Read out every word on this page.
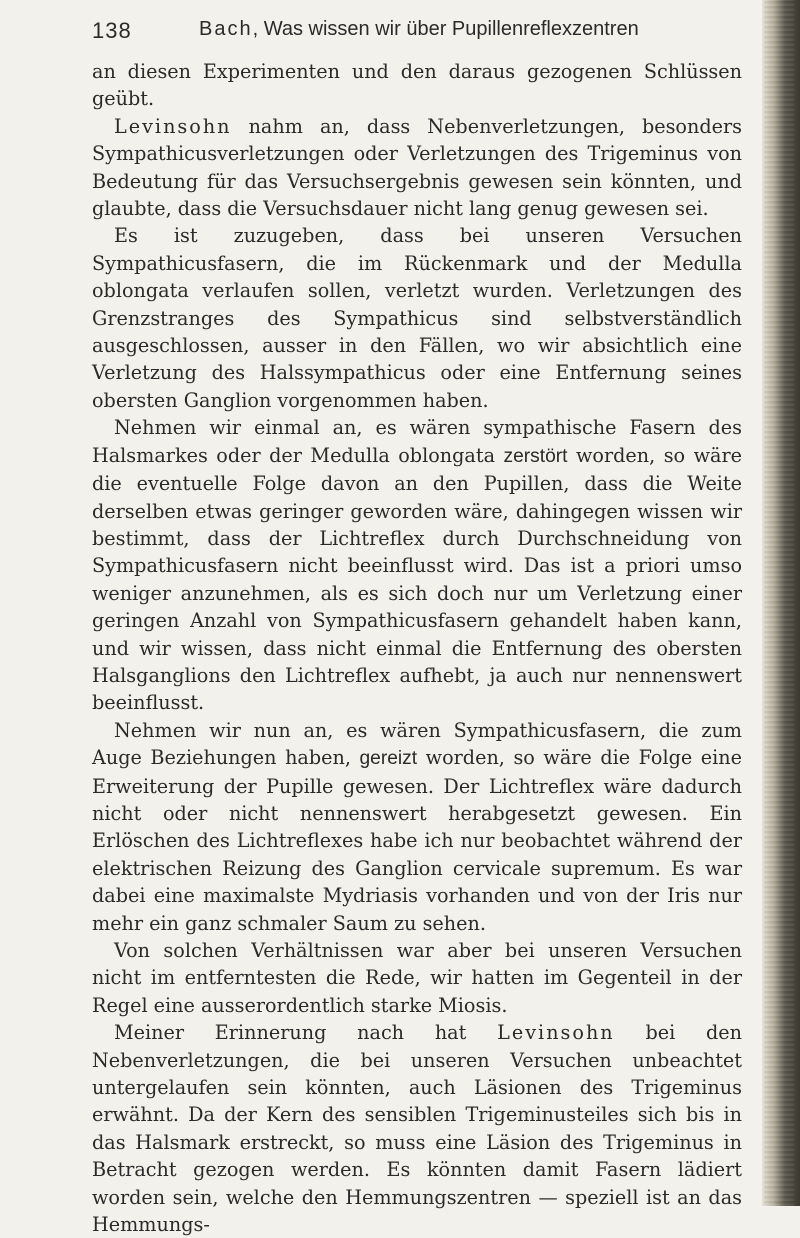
138	Bach, Was wissen wir über Pupillenreflexzentren

an diesen Experimenten und den daraus gezogenen Schlüssen geübt.

Levinsohn nahm an, dass Nebenverletzungen, besonders Sympathicusverletzungen oder Verletzungen des Trigeminus von Bedeutung für das Versuchsergebnis gewesen sein könnten, und glaubte, dass die Versuchsdauer nicht lang genug gewesen sei.

Es ist zuzugeben, dass bei unseren Versuchen Sympathicusfasern, die im Rückenmark und der Medulla oblongata verlaufen sollen, verletzt wurden. Verletzungen des Grenzstranges des Sympathicus sind selbstverständlich ausgeschlossen, ausser in den Fällen, wo wir absichtlich eine Verletzung des Halssympathicus oder eine Entfernung seines obersten Ganglion vorgenommen haben.

Nehmen wir einmal an, es wären sympathische Fasern des Halsmarkes oder der Medulla oblongata zerstört worden, so wäre die eventuelle Folge davon an den Pupillen, dass die Weite derselben etwas geringer geworden wäre, dahingegen wissen wir bestimmt, dass der Lichtreflex durch Durchschneidung von Sympathicusfasern nicht beeinflusst wird. Das ist a priori umso weniger anzunehmen, als es sich doch nur um Verletzung einer geringen Anzahl von Sympathicusfasern gehandelt haben kann, und wir wissen, dass nicht einmal die Entfernung des obersten Halsganglions den Lichtreflex aufhebt, ja auch nur nennenswert beeinflusst.

Nehmen wir nun an, es wären Sympathicusfasern, die zum Auge Beziehungen haben, gereizt worden, so wäre die Folge eine Erweiterung der Pupille gewesen. Der Lichtreflex wäre dadurch nicht oder nicht nennenswert herabgesetzt gewesen. Ein Erlöschen des Lichtreflexes habe ich nur beobachtet während der elektrischen Reizung des Ganglion cervicale supremum. Es war dabei eine maximalste Mydriasis vorhanden und von der Iris nur mehr ein ganz schmaler Saum zu sehen.

Von solchen Verhältnissen war aber bei unseren Versuchen nicht im entferntesten die Rede, wir hatten im Gegenteil in der Regel eine ausserordentlich starke Miosis.

Meiner Erinnerung nach hat Levinsohn bei den Nebenverletzungen, die bei unseren Versuchen unbeachtet untergelaufen sein könnten, auch Läsionen des Trigeminus erwähnt. Da der Kern des sensiblen Trigeminusteiles sich bis in das Halsmark erstreckt, so muss eine Läsion des Trigeminus in Betracht gezogen werden. Es könnten damit Fasern lädiert worden sein, welche den Hemmungszentren — speziell ist an das Hemmungs-
